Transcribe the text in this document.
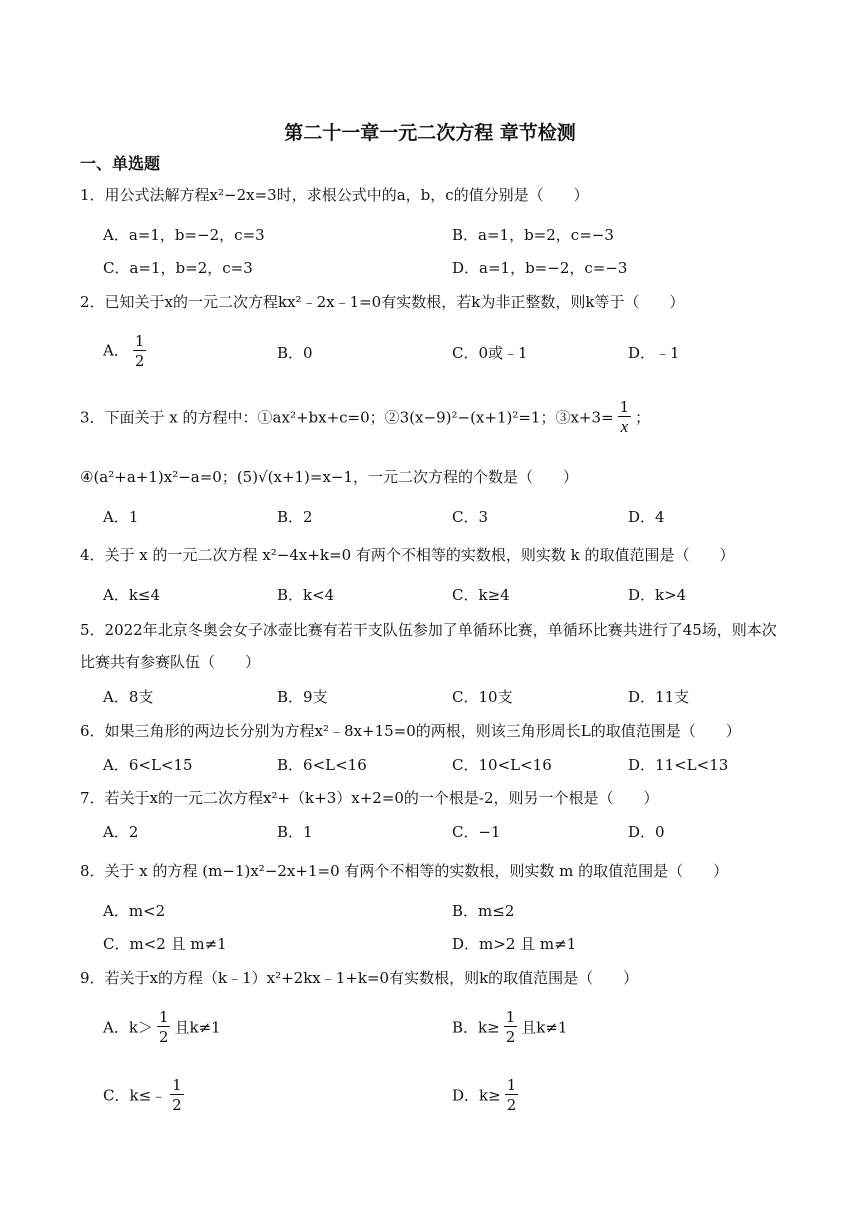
第二十一章一元二次方程 章节检测
一、单选题
1．用公式法解方程x²−2x=3时，求根公式中的a，b，c的值分别是（　　）
A．a=1，b=−2，c=3	B．a=1，b=2，c=−3
C．a=1，b=2，c=3	D．a=1，b=−2，c=−3
2．已知关于x的一元二次方程kx²﹣2x﹣1=0有实数根，若k为非正整数，则k等于（　　）
A． $\frac{1}{2}$	B．0	C．0或﹣1	D．﹣1
3．下面关于 x 的方程中：①ax²+bx+c=0；②3(x−9)²−(x+1)²=1；③x+3= $\frac{1}{x}$ ；
④(a²+a+1)x²−a=0；(5)√(x+1)=x−1，一元二次方程的个数是（　　）
A．1	B．2	C．3	D．4
4．关于 x 的一元二次方程 x²−4x+k=0 有两个不相等的实数根，则实数 k 的取值范围是（　　）
A．k≤4	B．k<4	C．k≥4	D．k>4
5．2022年北京冬奥会女子冰壶比赛有若干支队伍参加了单循环比赛，单循环比赛共进行了45场，则本次
比赛共有参赛队伍（　　）
A．8支	B．9支	C．10支	D．11支
6．如果三角形的两边长分别为方程x²﹣8x+15=0的两根，则该三角形周长L的取值范围是（　　）
A．6<L<15	B．6<L<16	C．10<L<16	D．11<L<13
7．若关于x的一元二次方程x²+（k+3）x+2=0的一个根是-2，则另一个根是（　　）
A．2	B．1	C．−1	D．0
8．关于 x 的方程 (m−1)x²−2x+1=0 有两个不相等的实数根，则实数 m 的取值范围是（　　）
A．m<2	B．m≤2
C．m<2 且 m≠1	D．m>2 且 m≠1
9．若关于x的方程（k﹣1）x²+2kx﹣1+k=0有实数根，则k的取值范围是（　　）
A．$k> \frac{1}{2}$ 且k≠1	B．$k\ge \frac{1}{2}$ 且k≠1
C．k≤﹣ $\frac{1}{2}$	D．$k\ge \frac{1}{2}$
